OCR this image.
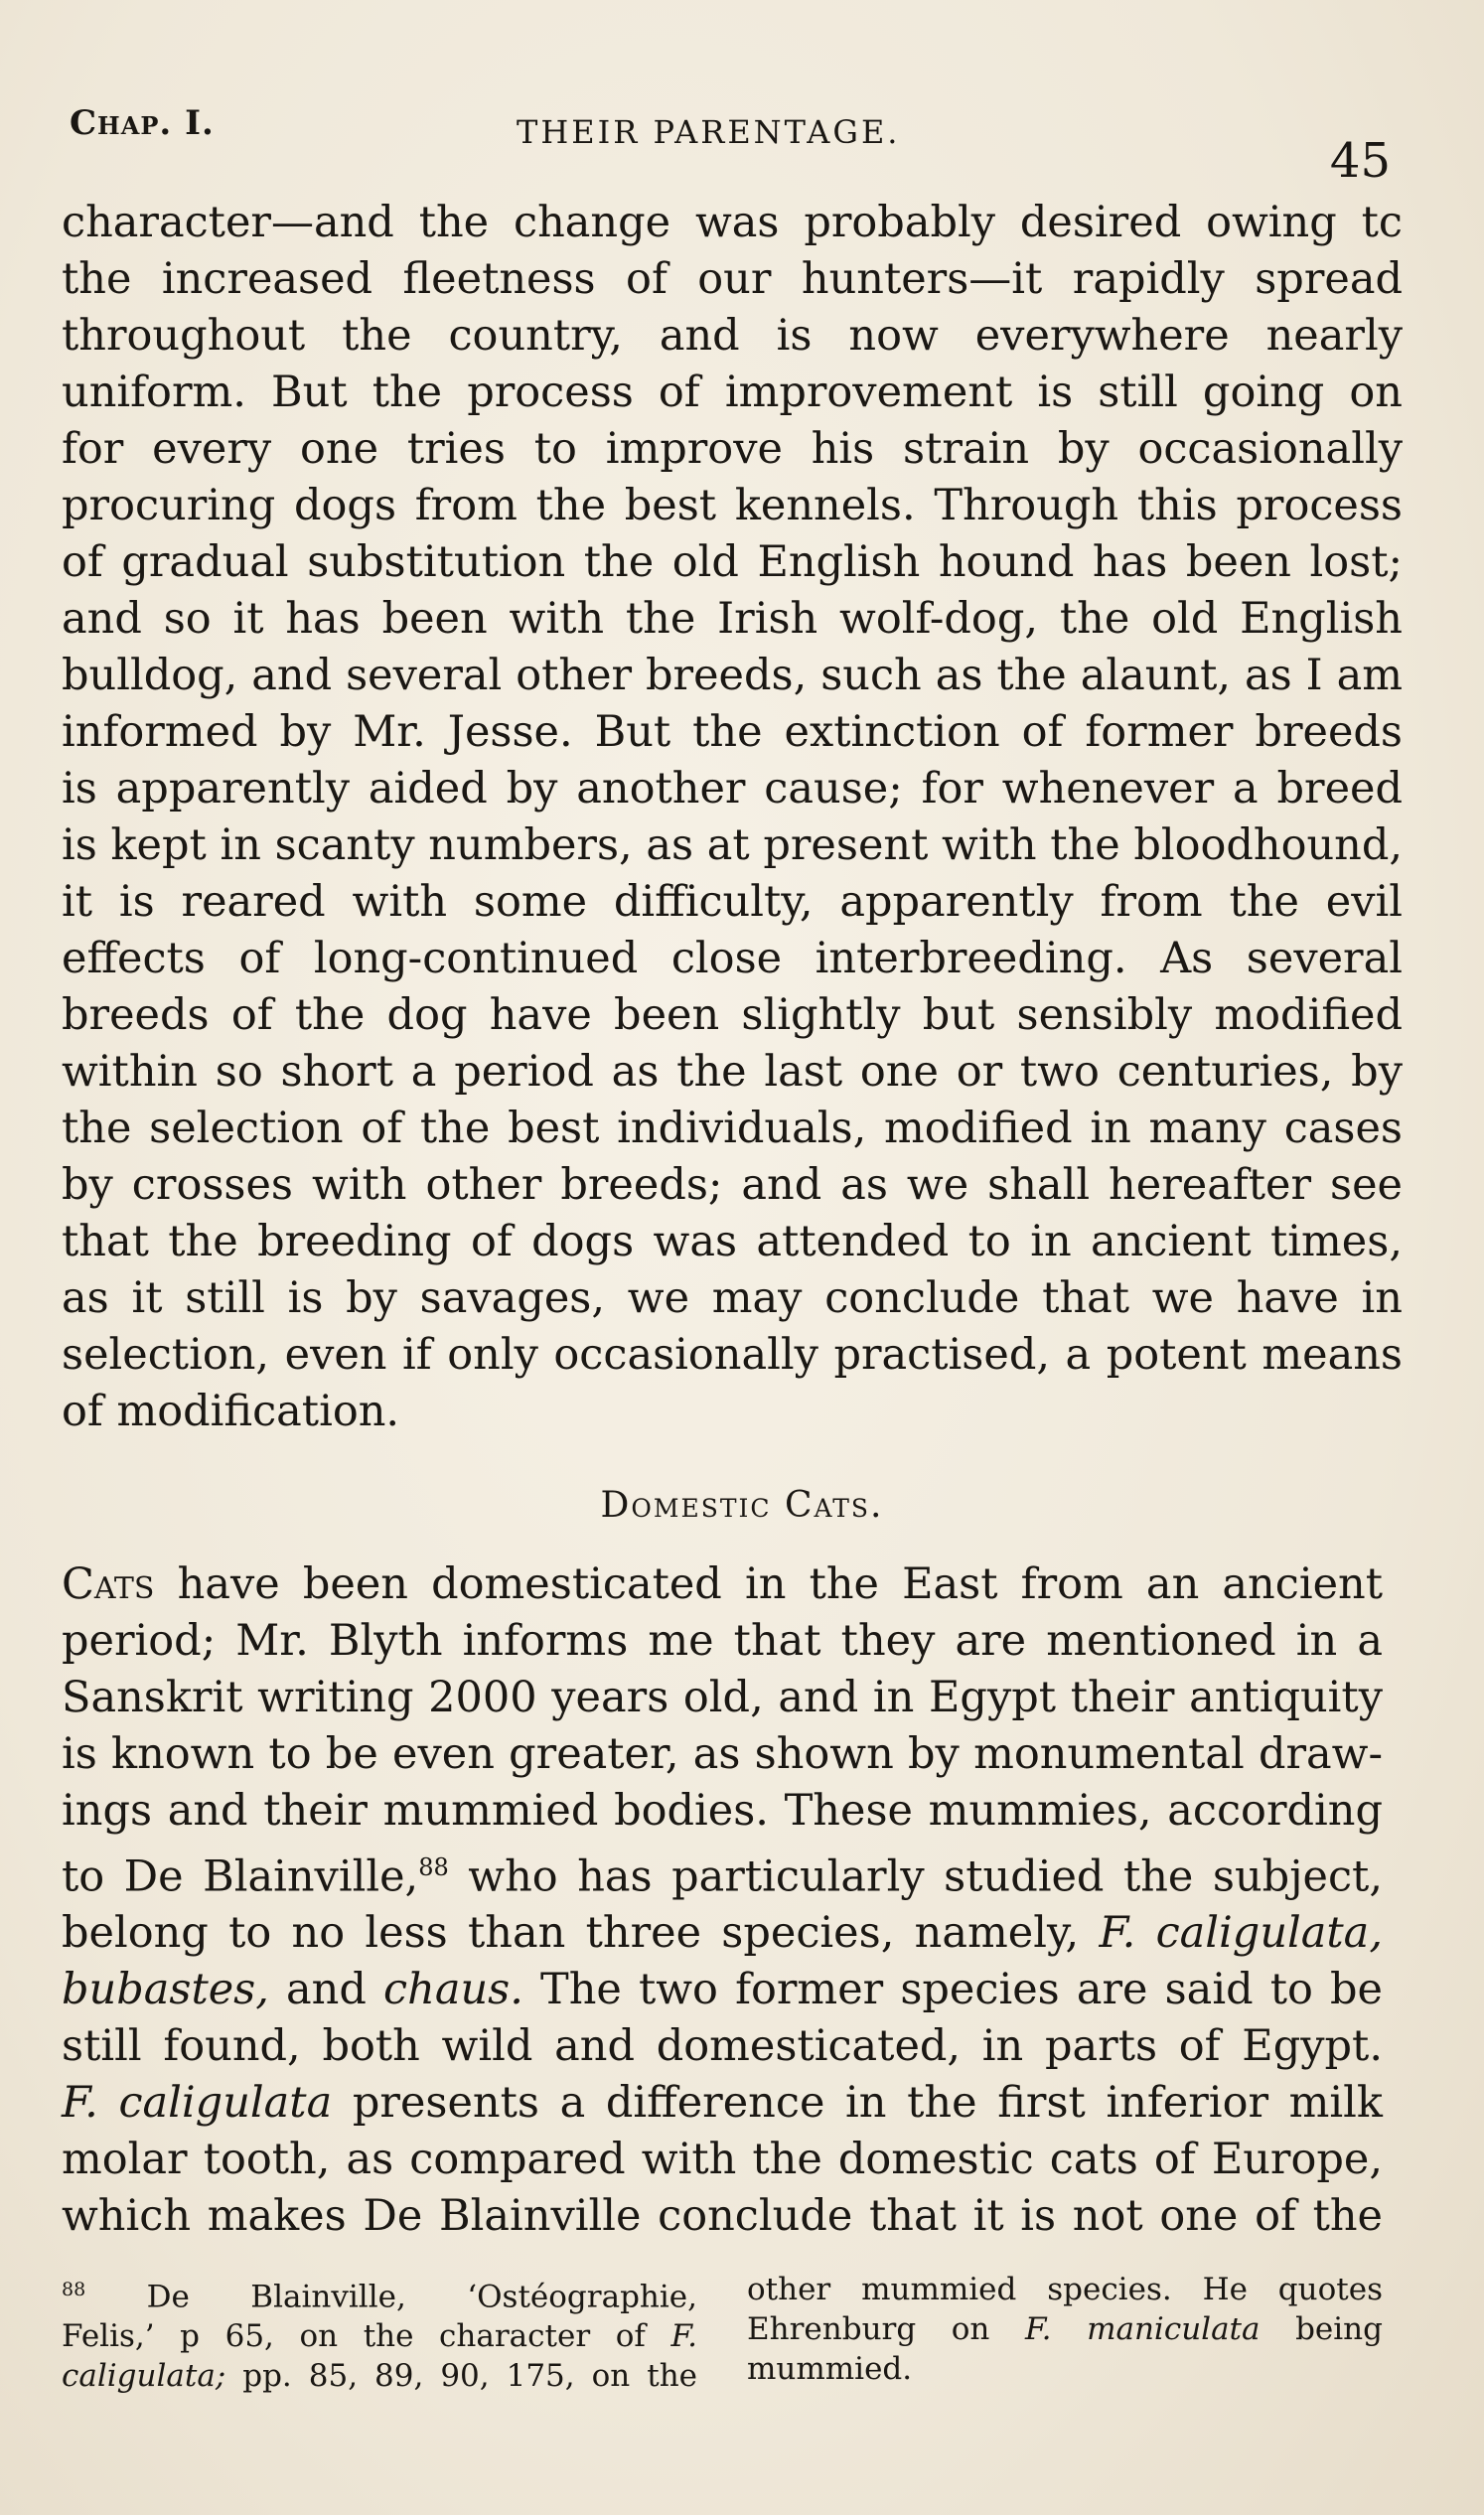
Chap. I.	THEIR PARENTAGE.
45

character—and the change was probably desired owing tc
the increased fleetness of our hunters—it rapidly spread
throughout the country, and is now everywhere nearly
uniform. But the process of improvement is still going on
for every one tries to improve his strain by occasionally
procuring dogs from the best kennels. Through this process
of gradual substitution the old English hound has been lost;
and so it has been with the Irish wolf-dog, the old English
bulldog, and several other breeds, such as the alaunt, as I am
informed by Mr. Jesse. But the extinction of former breeds
is apparently aided by another cause; for whenever a breed
is kept in scanty numbers, as at present with the bloodhound,
it is reared with some difficulty, apparently from the evil
effects of long-continued close interbreeding. As several
breeds of the dog have been slightly but sensibly modified
within so short a period as the last one or two centuries, by
the selection of the best individuals, modified in many cases
by crosses with other breeds; and as we shall hereafter see
that the breeding of dogs was attended to in ancient times,
as it still is by savages, we may conclude that we have in
selection, even if only occasionally practised, a potent means
of modification.

Domestic Cats.

Cats have been domesticated in the East from an ancient
period; Mr. Blyth informs me that they are mentioned in a
Sanskrit writing 2000 years old, and in Egypt their antiquity
is known to be even greater, as shown by monumental draw-
ings and their mummied bodies. These mummies, according
to De Blainville,$^{88}$ who has particularly studied the subject,
belong to no less than three species, namely, F. caligulata,
bubastes, and chaus. The two former species are said to be
still found, both wild and domesticated, in parts of Egypt.
F. caligulata presents a difference in the first inferior milk
molar tooth, as compared with the domestic cats of Europe,
which makes De Blainville conclude that it is not one of the

$^{88}$ De Blainville, ‘Ostéographie,
Felis,’ p 65, on the character of F.
caligulata; pp. 85, 89, 90, 175, on the
other mummied species. He quotes
Ehrenburg on F. maniculata being
mummied.
